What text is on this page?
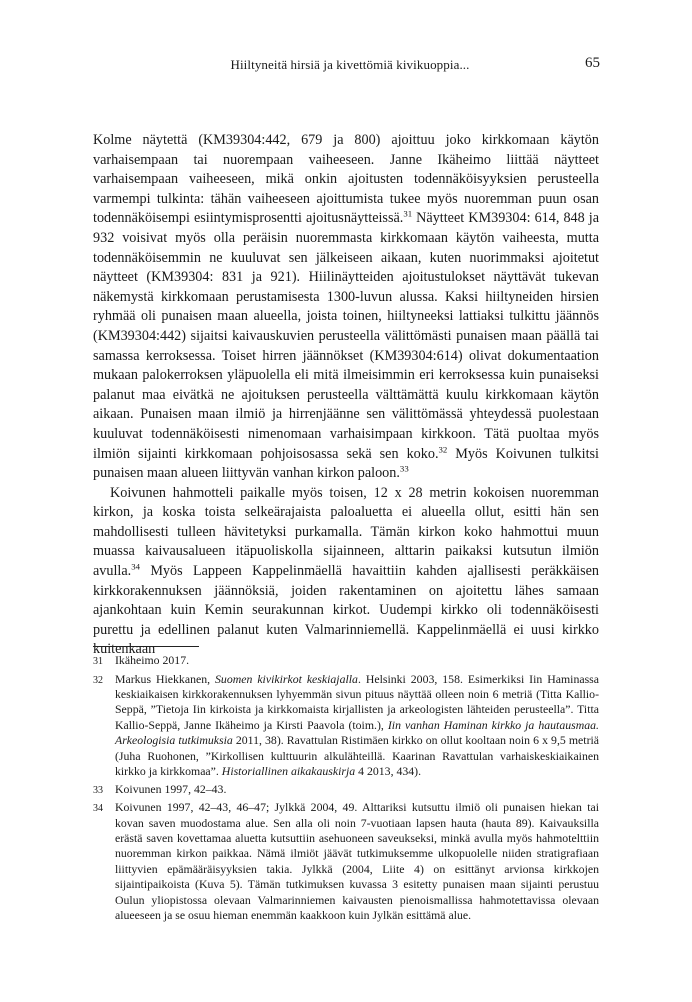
Hiiltyneitä hirsiä ja kivettömiä kivikuoppia...	65

Kolme näytettä (KM39304:442, 679 ja 800) ajoittuu joko kirkkomaan käytön varhaisempaan tai nuorempaan vaiheeseen. Janne Ikäheimo liittää näytteet varhaisempaan vaiheeseen, mikä onkin ajoitusten todennäköisyyksien perusteella varmempi tulkinta: tähän vaiheeseen ajoittumista tukee myös nuoremman puun osan todennäköisempi esiintymisprosentti ajoitusnäytteissä.$^{31}$ Näytteet KM39304: 614, 848 ja 932 voisivat myös olla peräisin nuoremmasta kirkkomaan käytön vaiheesta, mutta todennäköisemmin ne kuuluvat sen jälkeiseen aikaan, kuten nuorimmaksi ajoitetut näytteet (KM39304: 831 ja 921). Hiilinäytteiden ajoitustulokset näyttävät tukevan näkemystä kirkkomaan perustamisesta 1300-luvun alussa. Kaksi hiiltyneiden hirsien ryhmää oli punaisen maan alueella, joista toinen, hiiltyneeksi lattiaksi tulkittu jäännös (KM39304:442) sijaitsi kaivauskuvien perusteella välittömästi punaisen maan päällä tai samassa kerroksessa. Toiset hirren jäännökset (KM39304:614) olivat dokumentaation mukaan palokerroksen yläpuolella eli mitä ilmeisimmin eri kerroksessa kuin punaiseksi palanut maa eivätkä ne ajoituksen perusteella välttämättä kuulu kirkkomaan käytön aikaan. Punaisen maan ilmiö ja hirrenjäänne sen välittömässä yhteydessä puolestaan kuuluvat todennäköisesti nimenomaan varhaisimpaan kirkkoon. Tätä puoltaa myös ilmiön sijainti kirkkomaan pohjoisosassa sekä sen koko.$^{32}$ Myös Koivunen tulkitsi punaisen maan alueen liittyvän vanhan kirkon paloon.$^{33}$

Koivunen hahmotteli paikalle myös toisen, 12 x 28 metrin kokoisen nuoremman kirkon, ja koska toista selkeärajaista paloaluetta ei alueella ollut, esitti hän sen mahdollisesti tulleen hävitetyksi purkamalla. Tämän kirkon koko hahmottui muun muassa kaivausalueen itäpuoliskolla sijainneen, alttarin paikaksi kutsutun ilmiön avulla.$^{34}$ Myös Lappeen Kappelinmäellä havaittiin kahden ajallisesti peräkkäisen kirkkorakennuksen jäännöksiä, joiden rakentaminen on ajoitettu lähes samaan ajankohtaan kuin Kemin seurakunnan kirkot. Uudempi kirkko oli todennäköisesti purettu ja edellinen palanut kuten Valmarinniemellä. Kappelinmäellä ei uusi kirkko kuitenkaan

31	Ikäheimo 2017.
32	Markus Hiekkanen, Suomen kivikirkot keskiajalla. Helsinki 2003, 158. Esimerkiksi Iin Haminassa keskiaikaisen kirkkorakennuksen lyhyemmän sivun pituus näyttää olleen noin 6 metriä (Titta Kallio-Seppä, ”Tietoja Iin kirkoista ja kirkkomaista kirjallisten ja arkeologisten lähteiden perusteella”. Titta Kallio-Seppä, Janne Ikäheimo ja Kirsti Paavola (toim.), Iin vanhan Haminan kirkko ja hautausmaa. Arkeologisia tutkimuksia 2011, 38). Ravattulan Ristimäen kirkko on ollut kooltaan noin 6 x 9,5 metriä (Juha Ruohonen, ”Kirkollisen kulttuurin alkulähteillä. Kaarinan Ravattulan varhaiskeskiaikainen kirkko ja kirkkomaa”. Historiallinen aikakauskirja 4 2013, 434).
33	Koivunen 1997, 42–43.
34	Koivunen 1997, 42–43, 46–47; Jylkkä 2004, 49. Alttariksi kutsuttu ilmiö oli punaisen hiekan tai kovan saven muodostama alue. Sen alla oli noin 7-vuotiaan lapsen hauta (hauta 89). Kaivauksilla erästä saven kovettamaa aluetta kutsuttiin asehuoneen saveukseksi, minkä avulla myös hahmotelttiin nuoremman kirkon paikkaa. Nämä ilmiöt jäävät tutkimuksemme ulkopuolelle niiden stratigrafiaan liittyvien epämääräisyyksien takia. Jylkkä (2004, Liite 4) on esittänyt arvionsa kirkkojen sijaintipaikoista (Kuva 5). Tämän tutkimuksen kuvassa 3 esitetty punaisen maan sijainti perustuu Oulun yliopistossa olevaan Valmarinniemen kaivausten pienoismallissa hahmotettavissa olevaan alueeseen ja se osuu hieman enemmän kaakkoon kuin Jylkän esittämä alue.
